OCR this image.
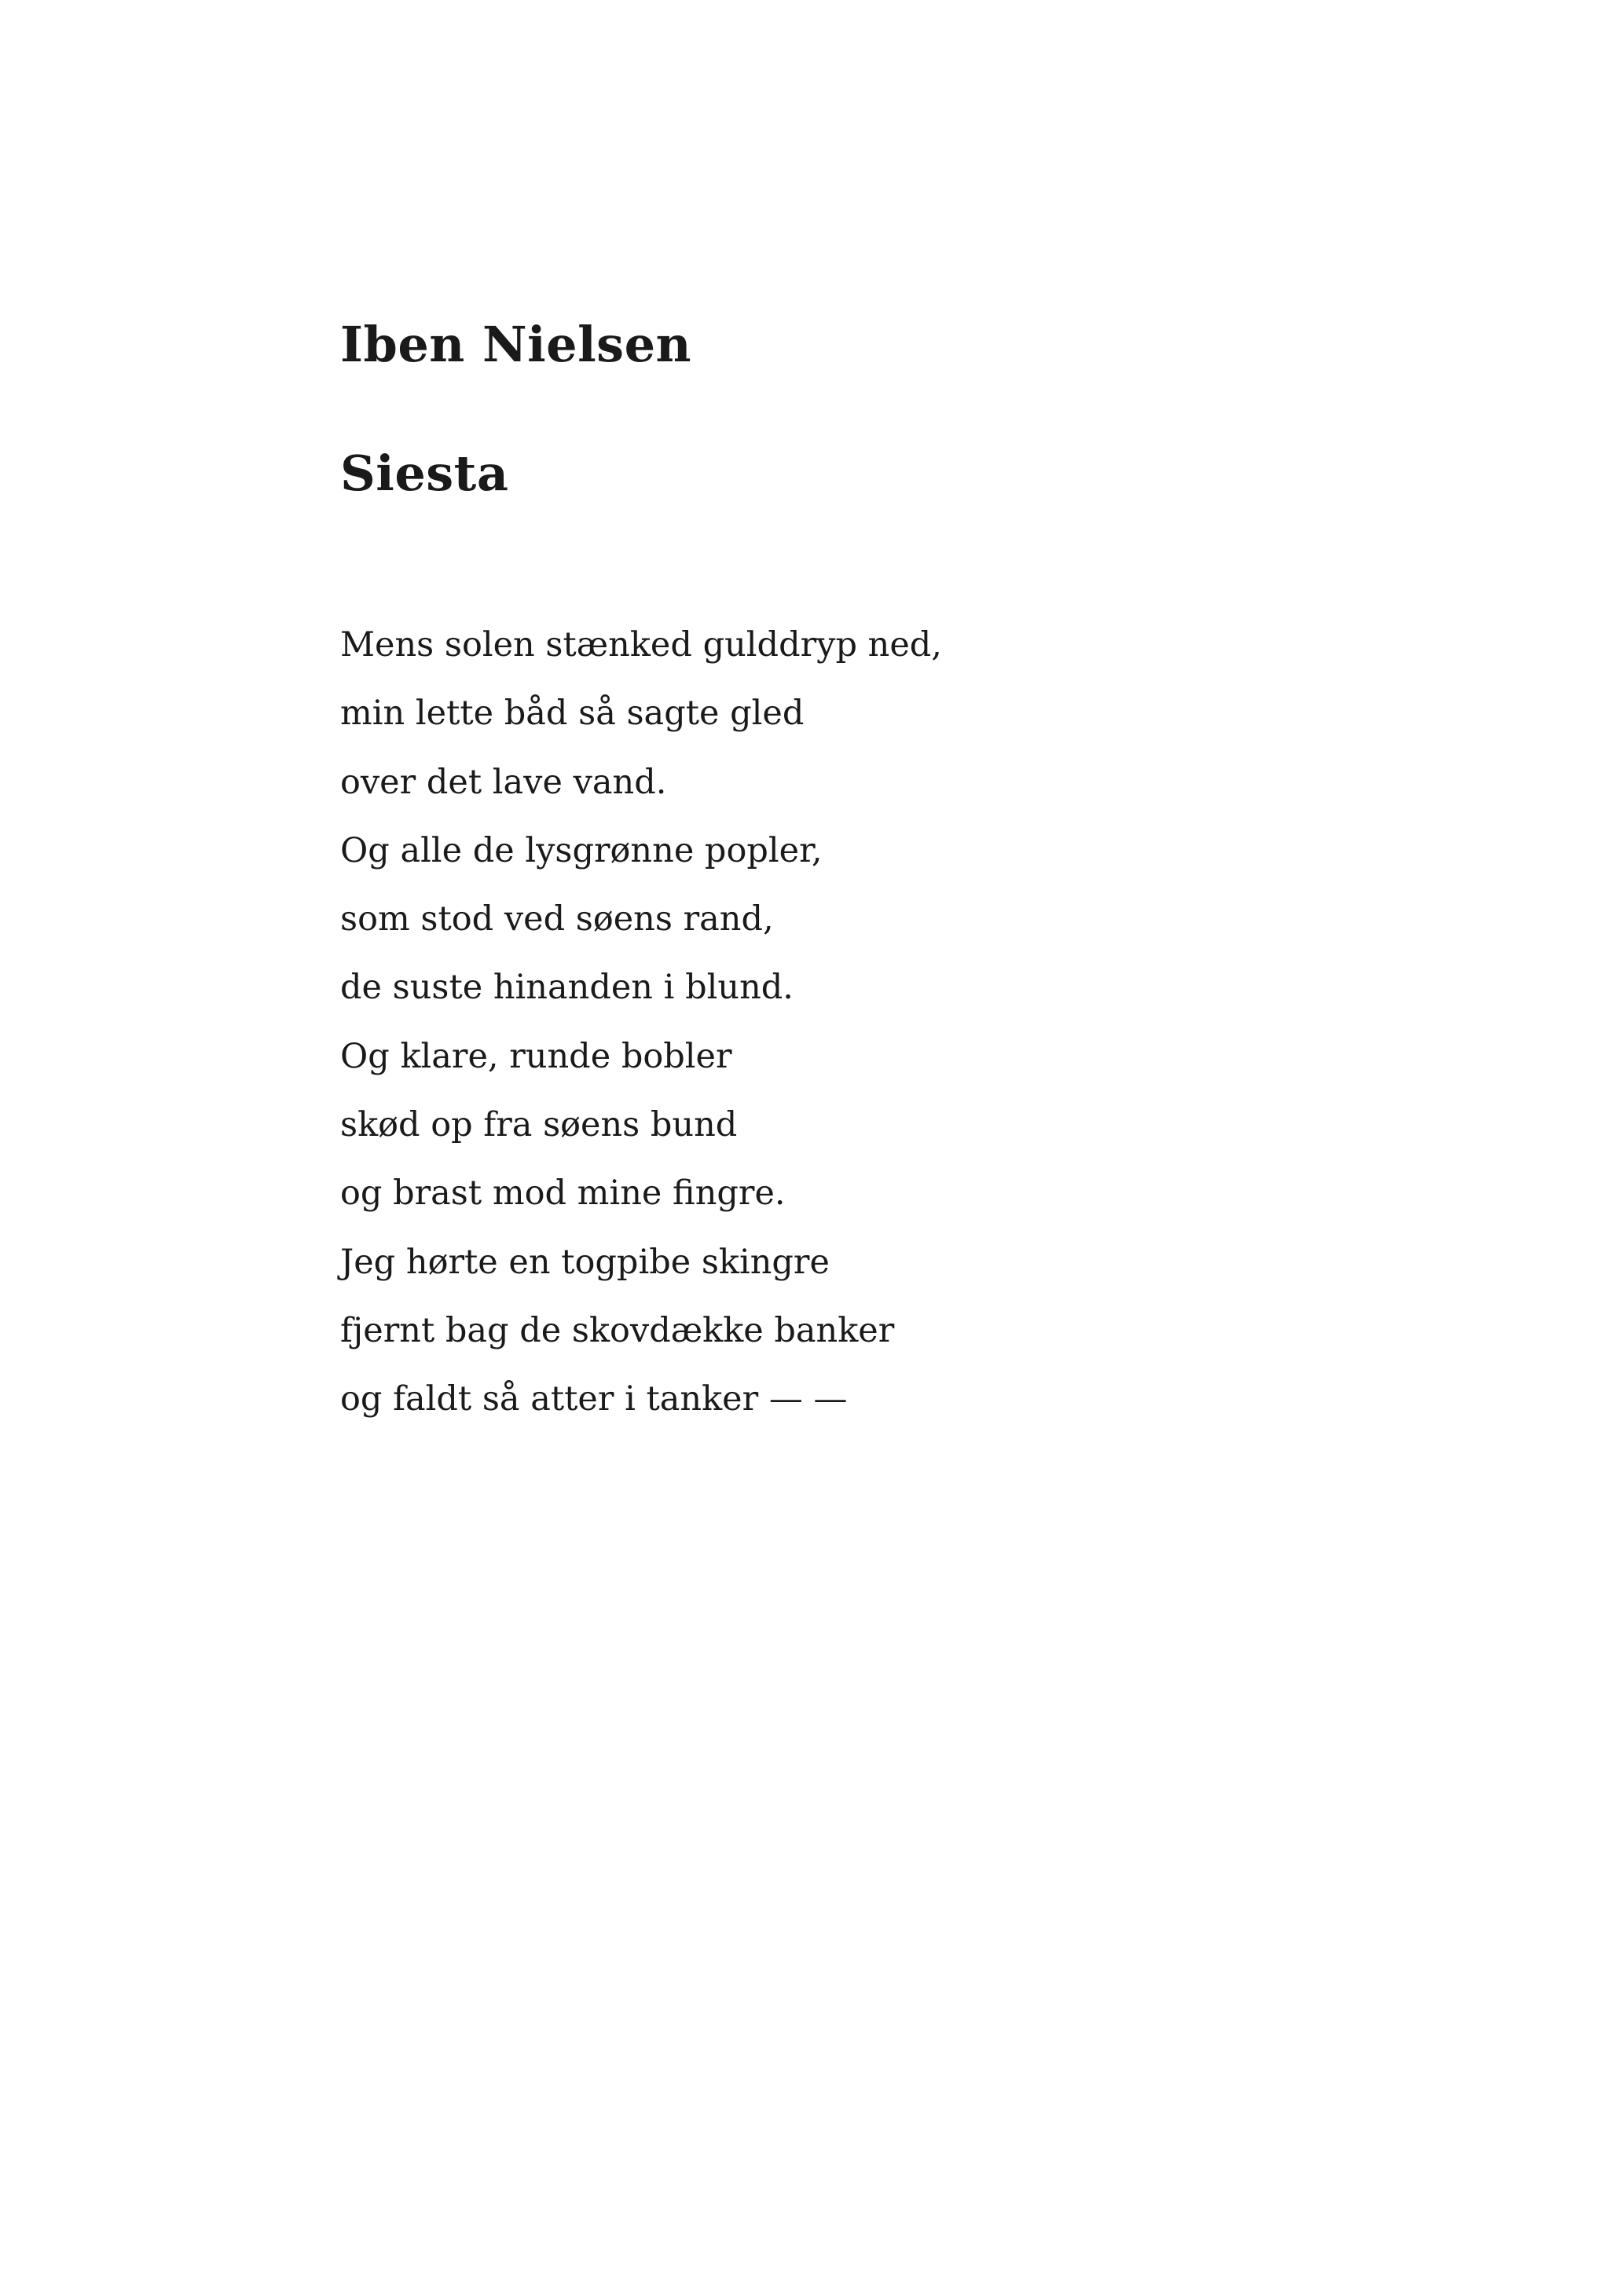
Iben Nielsen
Siesta
Mens solen stænked gulddryp ned,
min lette båd så sagte gled
over det lave vand.
Og alle de lysgrønne popler,
som stod ved søens rand,
de suste hinanden i blund.
Og klare, runde bobler
skød op fra søens bund
og brast mod mine fingre.
Jeg hørte en togpibe skingre
fjernt bag de skovdække banker
og faldt så atter i tanker — —
